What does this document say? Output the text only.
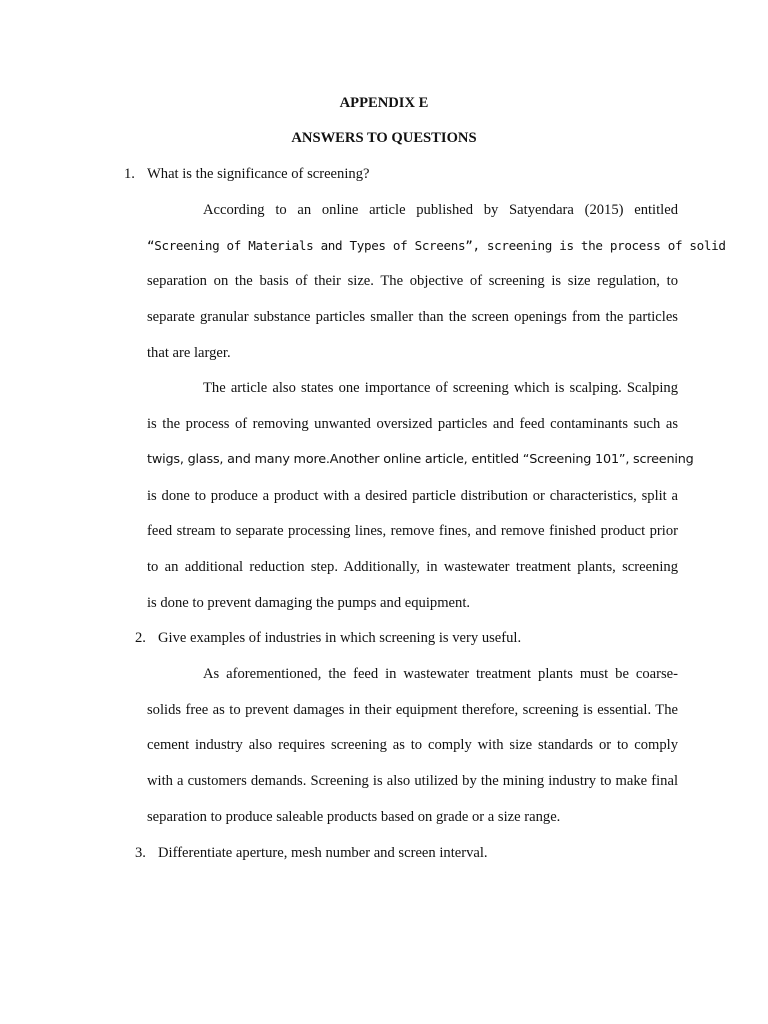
APPENDIX E
ANSWERS TO QUESTIONS
1. What is the significance of screening?
According to an online article published by Satyendara (2015) entitled
“Screening of Materials and Types of Screens”, screening is the process of solid
separation on the basis of their size. The objective of screening is size regulation, to
separate granular substance particles smaller than the screen openings from the particles
that are larger.
The article also states one importance of screening which is scalping. Scalping
is the process of removing unwanted oversized particles and feed contaminants such as
twigs, glass, and many more. Another online article, entitled “Screening 101”, screening
is done to produce a product with a desired particle distribution or characteristics, split a
feed stream to separate processing lines, remove fines, and remove finished product prior
to an additional reduction step. Additionally, in wastewater treatment plants, screening
is done to prevent damaging the pumps and equipment.
2. Give examples of industries in which screening is very useful.
As aforementioned, the feed in wastewater treatment plants must be coarse-
solids free as to prevent damages in their equipment therefore, screening is essential. The
cement industry also requires screening as to comply with size standards or to comply
with a customers demands. Screening is also utilized by the mining industry to make final
separation to produce saleable products based on grade or a size range.
3. Differentiate aperture, mesh number and screen interval.
